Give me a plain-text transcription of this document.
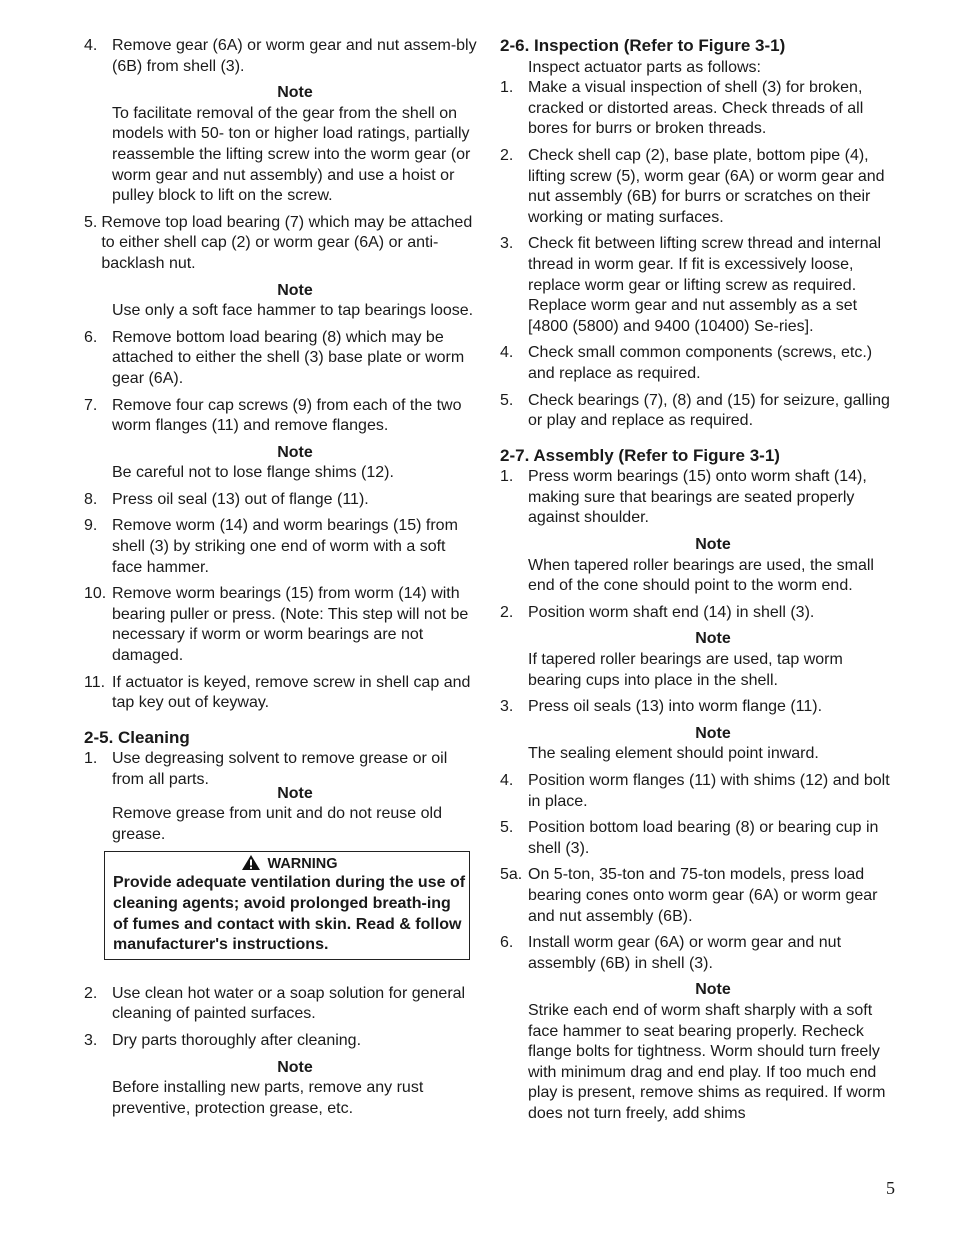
4. Remove gear (6A) or worm gear and nut assem-bly (6B) from shell (3).
Note
To facilitate removal of the gear from the shell on models with 50- ton or higher load ratings, partially reassemble the lifting screw into the worm gear (or worm gear and nut assembly) and use a hoist or pulley block to lift on the screw.
5. Remove top load bearing (7) which may be attached to either shell cap (2) or worm gear (6A) or anti-backlash nut.
Note
Use only a soft face hammer to tap bearings loose.
6. Remove bottom load bearing (8) which may be attached to either the shell (3) base plate or worm gear (6A).
7. Remove four cap screws (9) from each of the two worm flanges (11) and remove flanges.
Note
Be careful not to lose flange shims (12).
8. Press oil seal (13) out of flange (11).
9. Remove worm (14) and worm bearings (15) from shell (3) by striking one end of worm with a soft face hammer.
10. Remove worm bearings (15) from worm (14) with bearing puller or press. (Note: This step will not be necessary if worm or worm bearings are not damaged.
11. If actuator is keyed, remove screw in shell cap and tap key out of keyway.
2-5. Cleaning
1. Use degreasing solvent to remove grease or oil from all parts.
Note
Remove grease from unit and do not reuse old grease.
WARNING
Provide adequate ventilation during the use of cleaning agents; avoid prolonged breath-ing of fumes and contact with skin. Read & follow manufacturer's instructions.
2. Use clean hot water or a soap solution for general cleaning of painted surfaces.
3. Dry parts thoroughly after cleaning.
Note
Before installing new parts, remove any rust preventive, protection grease, etc.
2-6. Inspection (Refer to Figure 3-1)
Inspect actuator parts as follows:
1. Make a visual inspection of shell (3) for broken, cracked or distorted areas. Check threads of all bores for burrs or broken threads.
2. Check shell cap (2), base plate, bottom pipe (4), lifting screw (5), worm gear (6A) or worm gear and nut assembly (6B) for burrs or scratches on their working or mating surfaces.
3. Check fit between lifting screw thread and internal thread in worm gear. If fit is excessively loose, replace worm gear or lifting screw as required. Replace worm gear and nut assembly as a set [4800 (5800) and 9400 (10400) Se-ries].
4. Check small common components (screws, etc.) and replace as required.
5. Check bearings (7), (8) and (15) for seizure, galling or play and replace as required.
2-7. Assembly (Refer to Figure 3-1)
1. Press worm bearings (15) onto worm shaft (14), making sure that bearings are seated properly against shoulder.
Note
When tapered roller bearings are used, the small end of the cone should point to the worm end.
2. Position worm shaft end (14) in shell (3).
Note
If tapered roller bearings are used, tap worm bearing cups into place in the shell.
3. Press oil seals (13) into worm flange (11).
Note
The sealing element should point inward.
4. Position worm flanges (11) with shims (12) and bolt in place.
5. Position bottom load bearing (8) or bearing cup in shell (3).
5a. On 5-ton, 35-ton and 75-ton models, press load bearing cones onto worm gear (6A) or worm gear and nut assembly (6B).
6. Install worm gear (6A) or worm gear and nut assembly (6B) in shell (3).
Note
Strike each end of worm shaft sharply with a soft face hammer to seat bearing properly. Recheck flange bolts for tightness. Worm should turn freely with minimum drag and end play. If too much end play is present, remove shims as required. If worm does not turn freely, add shims
5
